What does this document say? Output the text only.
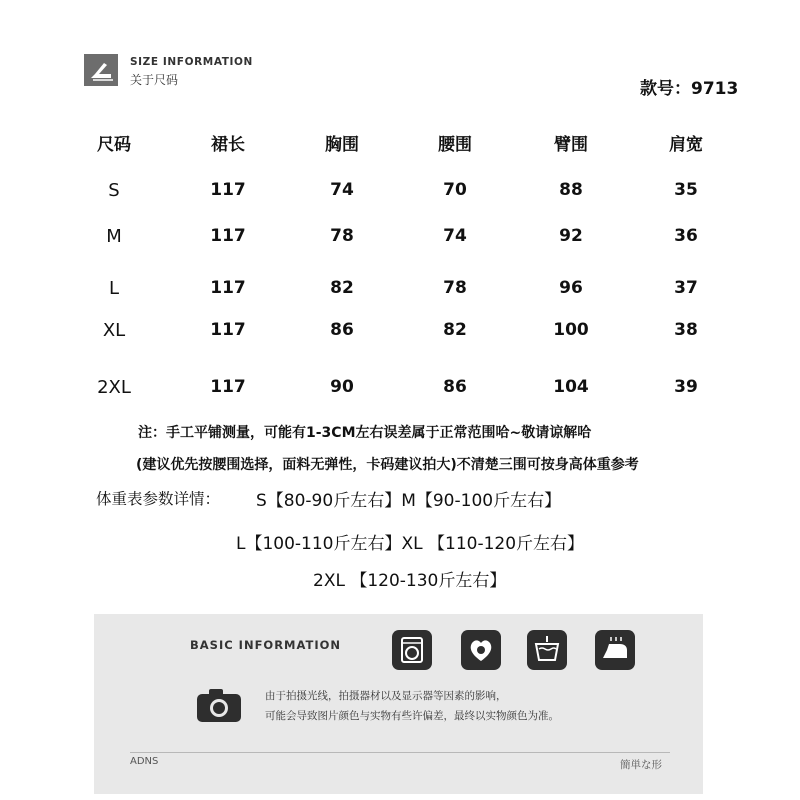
SIZE INFORMATION
关于尺码	款号：9713
尺码	裙长	胸围	腰围	臂围	肩宽
S	117	74	70	88	35
M	117	78	74	92	36
L	117	82	78	96	37
XL	117	86	82	100	38
2XL	117	90	86	104	39
注：手工平铺测量，可能有1-3CM左右误差属于正常范围哈~敬请谅解哈
(建议优先按腰围选择，面料无弹性，卡码建议拍大)不清楚三围可按身高体重参考
体重表参数详情： S【80-90斤左右】M【90-100斤左右】
L【100-110斤左右】XL 【110-120斤左右】
2XL 【120-130斤左右】
BASIC INFORMATION
由于拍摄光线，拍摄器材以及显示器等因素的影响，
可能会导致图片颜色与实物有些许偏差，最终以实物颜色为准。
ADNS	簡単な形
